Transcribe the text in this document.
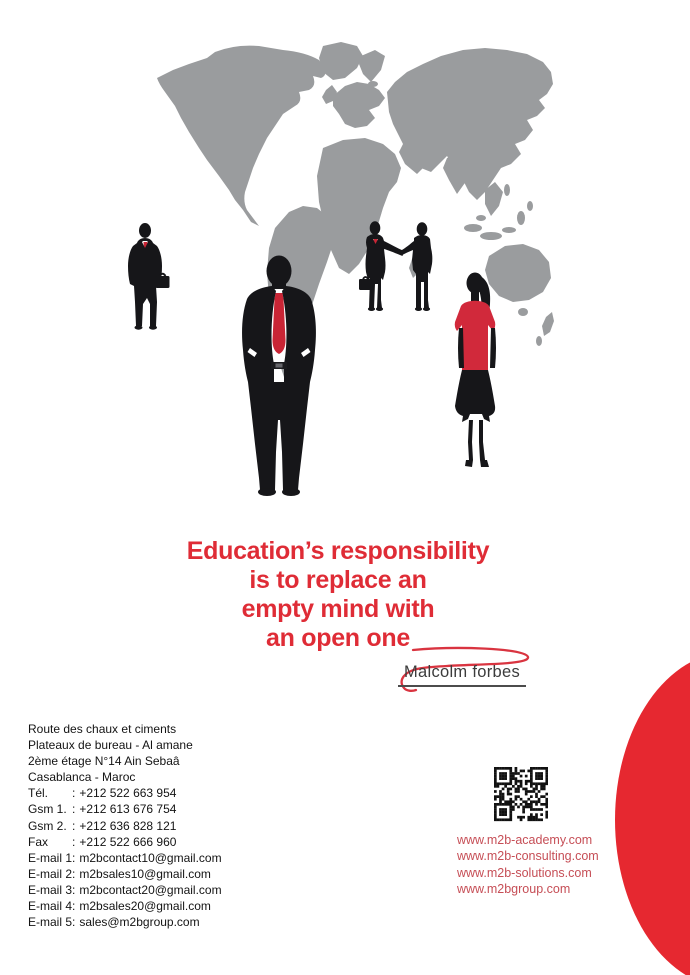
Education’s responsibility
is to replace an
empty mind with
an open one
Malcolm forbes
Route des chaux et ciments
Plateaux de bureau - Al amane
2ème étage N°14 Ain Sebaâ
Casablanca - Maroc
Tél. : +212 522 663 954
Gsm 1. : +212 613 676 754
Gsm 2. : +212 636 828 121
Fax : +212 522 666 960
E-mail 1: m2bcontact10@gmail.com
E-mail 2: m2bsales10@gmail.com
E-mail 3: m2bcontact20@gmail.com
E-mail 4: m2bsales20@gmail.com
E-mail 5: sales@m2bgroup.com
www.m2b-academy.com
www.m2b-consulting.com
www.m2b-solutions.com
www.m2bgroup.com
